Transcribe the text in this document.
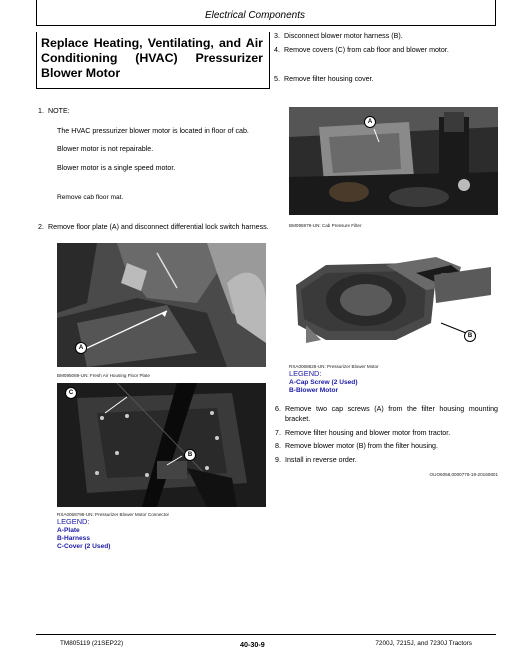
Electrical Components
Replace Heating, Ventilating, and Air Conditioning (HVAC) Pressurizer Blower Motor
1. NOTE:

The HVAC pressurizer blower motor is located in floor of cab.

Blower motor is not repairable.

Blower motor is a single speed motor.

Remove cab floor mat.

2. Remove floor plate (A) and disconnect differential lock switch harness.
A
BM095069-UN: Fresh Air Housing Floor Plate
C
B
RXA0068796-UN: Pressurizer Blower Motor Connector
LEGEND:
A-Plate
B-Harness
C-Cover (2 Used)
3. Disconnect blower motor harness (B).
4. Remove covers (C) from cab floor and blower motor.
5. Remove filter housing cover.
A
BM095979-UN: Cab Pressure Filter
B
RXA0068826-UN: Pressurizer Blower Motor
LEGEND:
A-Cap Screw (2 Used)
B-Blower Motor
6. Remove two cap screws (A) from the filter housing mounting bracket.
7. Remove filter housing and blower motor from tractor.
8. Remove blower motor (B) from the filter housing.
9. Install in reverse order.
OUO6058,0000776-19-20160801
TM805119 (21SEP22)	40-30-9	7200J, 7215J, and 7230J Tractors
